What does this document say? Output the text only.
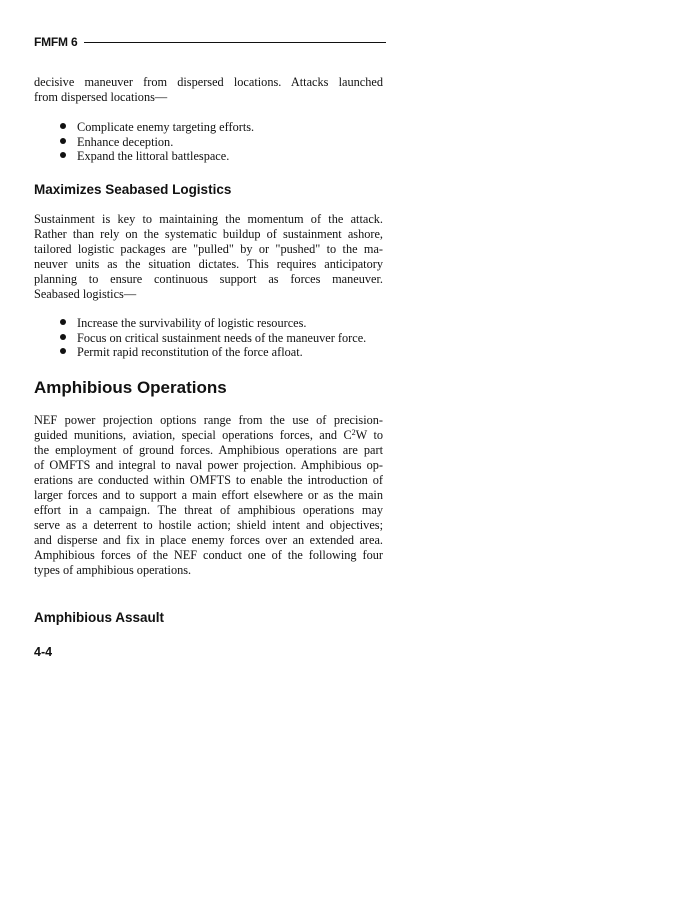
FMFM 6

decisive maneuver from dispersed locations. Attacks launched
from dispersed locations—

Complicate enemy targeting efforts.
Enhance deception.
Expand the littoral battlespace.
Maximizes Seabased Logistics

Sustainment is key to maintaining the momentum of the attack.
Rather than rely on the systematic buildup of sustainment ashore,
tailored logistic packages are "pulled" by or "pushed" to the ma-
neuver units as the situation dictates. This requires anticipatory
planning to ensure continuous support as forces maneuver.
Seabased logistics—

Increase the survivability of logistic resources.
Focus on critical sustainment needs of the maneuver force.
Permit rapid reconstitution of the force afloat.
Amphibious Operations

NEF power projection options range from the use of precision-
guided munitions, aviation, special operations forces, and $C^2W$ to
the employment of ground forces. Amphibious operations are part
of OMFTS and integral to naval power projection. Amphibious op-
erations are conducted within OMFTS to enable the introduction of
larger forces and to support a main effort elsewhere or as the main
effort in a campaign. The threat of amphibious operations may
serve as a deterrent to hostile action; shield intent and objectives;
and disperse and fix in place enemy forces over an extended area.
Amphibious forces of the NEF conduct one of the following four
types of amphibious operations.

Amphibious Assault
4-4
